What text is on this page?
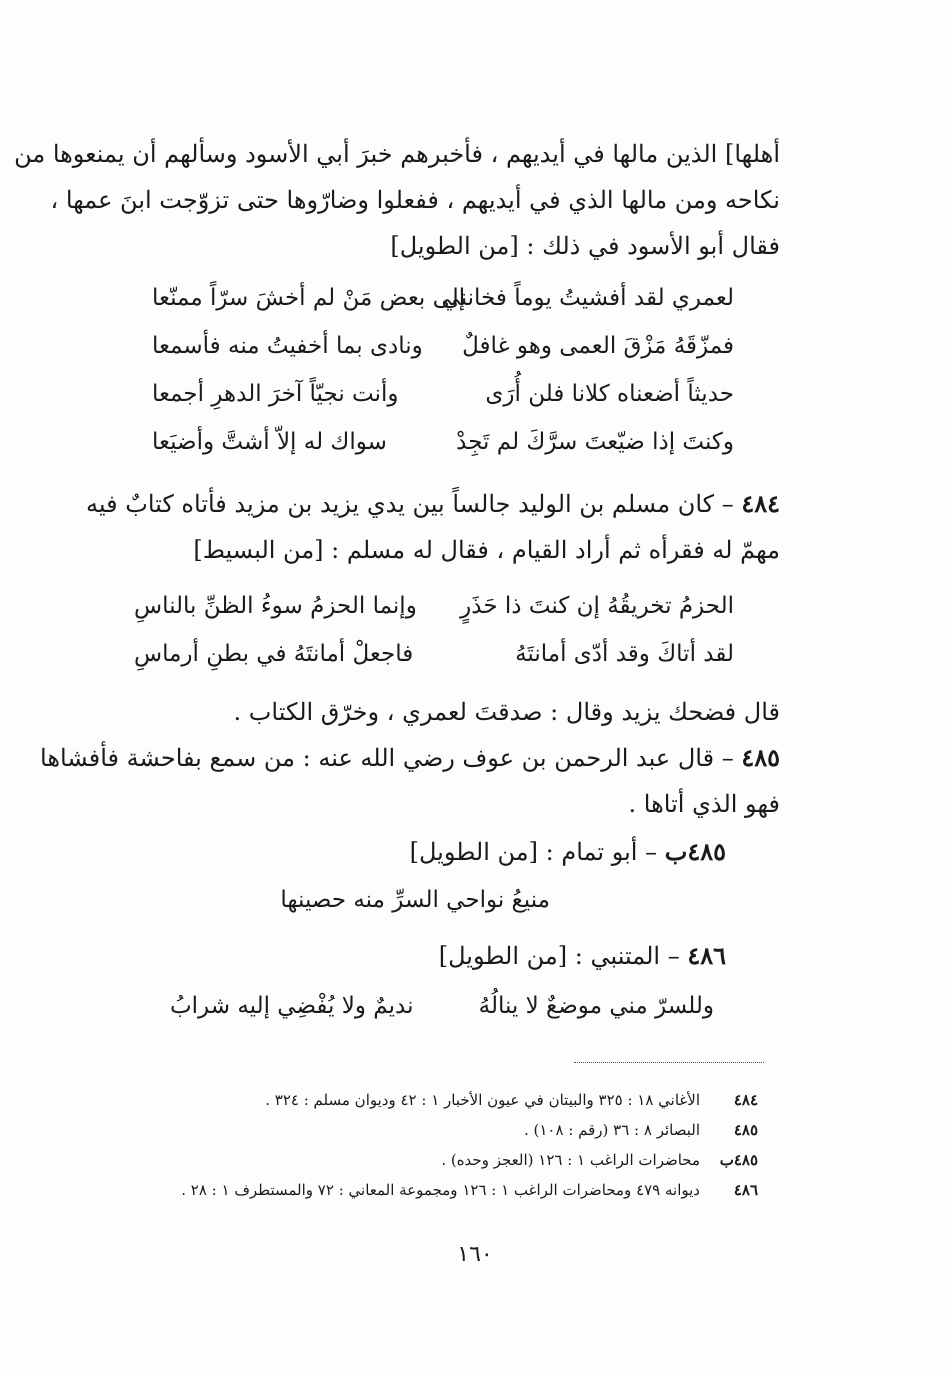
أهلها] الذين مالها في أيديهم ، فأخبرهم خبرَ أبي الأسود وسألهم أن يمنعوها من
نكاحه ومن مالها الذي في أيديهم ، ففعلوا وضارّوها حتى تزوّجت ابنَ عمها ،
فقال أبو الأسود في ذلك : [من الطويل]
لعمري لقد أفشيتُ يوماً فخانني
إلى بعض مَنْ لم أخشَ سرّاً ممنّعا
فمزّقَهُ مَزْقَ العمى وهو غافلٌ
ونادى بما أخفيتُ منه فأسمعا
حديثاً أضعناه كلانا فلن أُرَى
وأنت نجيّاً آخرَ الدهرِ أجمعا
وكنتَ إذا ضيّعتَ سرَّكَ لم تَجِدْ
سواك له إلاّ أشتَّ وأضيَعا
٤٨٤ – كان مسلم بن الوليد جالساً بين يدي يزيد بن مزيد فأتاه كتابٌ فيه
مهمّ له فقرأه ثم أراد القيام ، فقال له مسلم : [من البسيط]
الحزمُ تخريقُهُ إن كنتَ ذا حَذَرٍ
وإنما الحزمُ سوءُ الظنِّ بالناسِ
لقد أتاكَ وقد أدّى أمانتَهُ
فاجعلْ أمانتَهُ في بطنِ أرماسِ
قال فضحك يزيد وقال : صدقتَ لعمري ، وخرّق الكتاب .
٤٨٥ – قال عبد الرحمن بن عوف رضي الله عنه : من سمع بفاحشة فأفشاها
فهو الذي أتاها .
٤٨٥ب – أبو تمام : [من الطويل]
منيعُ نواحي السرِّ منه حصينها
٤٨٦ – المتنبي : [من الطويل]
وللسرّ مني موضعٌ لا ينالُهُ
نديمٌ ولا يُفْضِي إليه شرابُ
٤٨٤
الأغاني ١٨ : ٣٢٥ والبيتان في عيون الأخبار ١ : ٤٢ وديوان مسلم : ٣٢٤ .
٤٨٥
البصائر ٨ : ٣٦ (رقم : ١٠٨) .
٤٨٥ب
محاضرات الراغب ١ : ١٢٦ (العجز وحده) .
٤٨٦
ديوانه ٤٧٩ ومحاضرات الراغب ١ : ١٢٦ ومجموعة المعاني : ٧٢ والمستطرف ١ : ٢٨ .
١٦٠
